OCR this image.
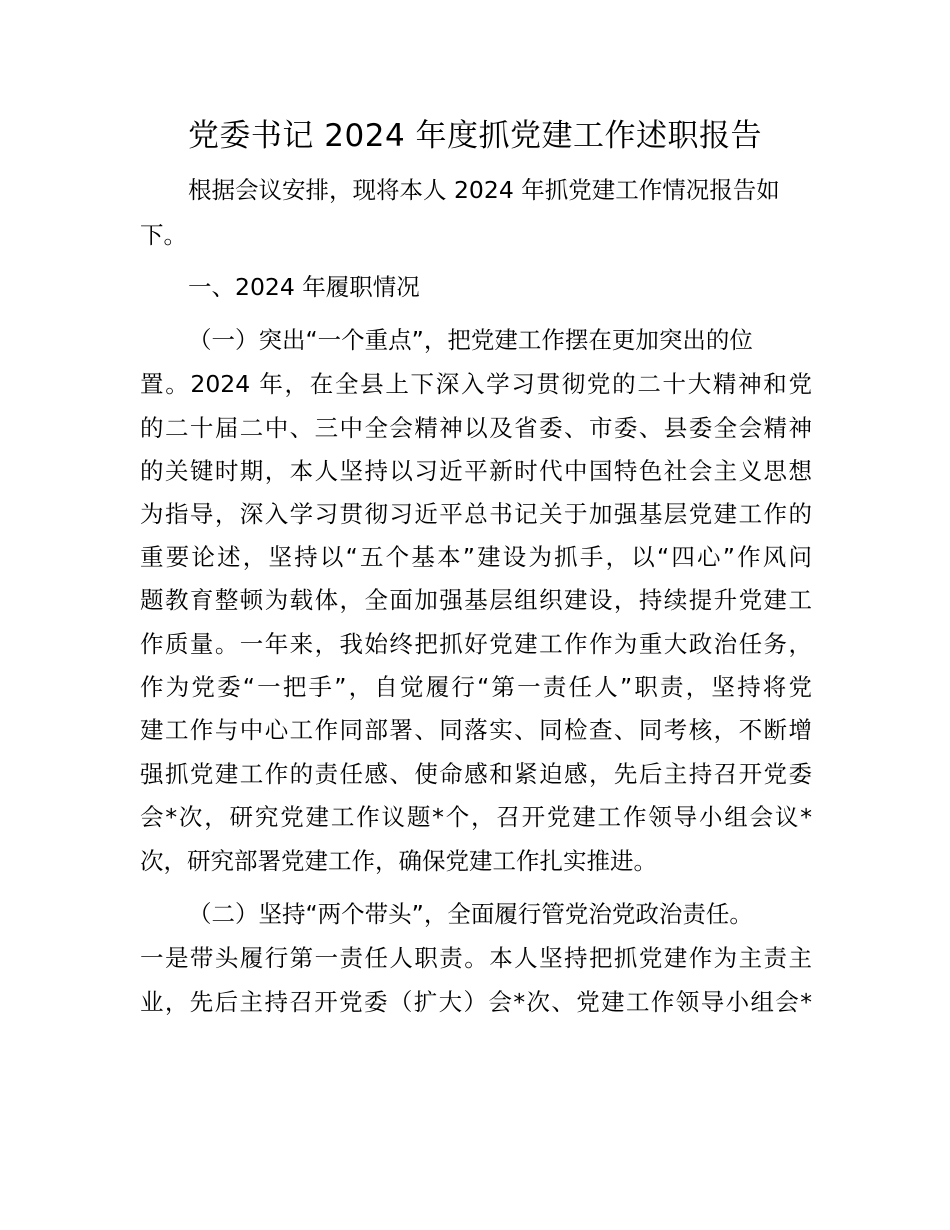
党委书记 2024 年度抓党建工作述职报告

根据会议安排，现将本人 2024 年抓党建工作情况报告如

下。

一、2024 年履职情况

（一）突出“一个重点”，把党建工作摆在更加突出的位

置。2024 年，在全县上下深入学习贯彻党的二十大精神和党

的二十届二中、三中全会精神以及省委、市委、县委全会精神

的关键时期，本人坚持以习近平新时代中国特色社会主义思想

为指导，深入学习贯彻习近平总书记关于加强基层党建工作的

重要论述，坚持以“五个基本”建设为抓手，以“四心”作风问

题教育整顿为载体，全面加强基层组织建设，持续提升党建工

作质量。一年来，我始终把抓好党建工作作为重大政治任务，

作为党委“一把手”，自觉履行“第一责任人”职责，坚持将党

建工作与中心工作同部署、同落实、同检查、同考核，不断增

强抓党建工作的责任感、使命感和紧迫感，先后主持召开党委

会*次，研究党建工作议题*个，召开党建工作领导小组会议*

次，研究部署党建工作，确保党建工作扎实推进。

（二）坚持“两个带头”，全面履行管党治党政治责任。

一是带头履行第一责任人职责。本人坚持把抓党建作为主责主

业，先后主持召开党委（扩大）会*次、党建工作领导小组会*
